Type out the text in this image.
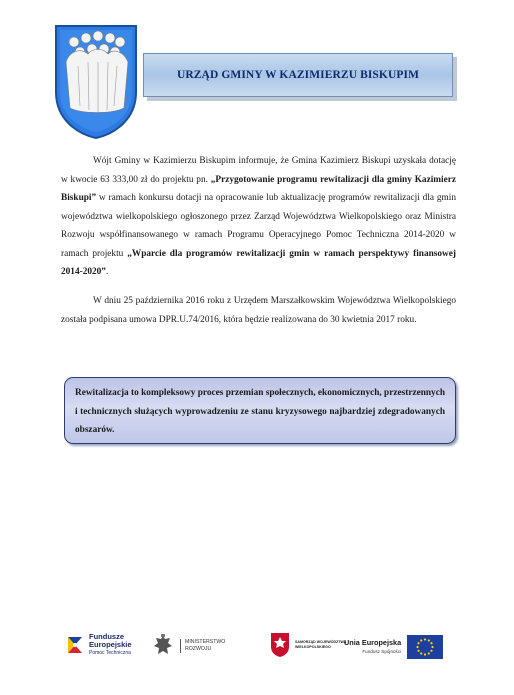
URZĄD GMINY W KAZIMIERZU BISKUPIM
Wójt Gminy w Kazimierzu Biskupim informuje, że Gmina Kazimierz Biskupi uzyskała dotację w kwocie 63 333,00 zł do projektu pn. „Przygotowanie programu rewitalizacji dla gminy Kazimierz Biskupi” w ramach konkursu dotacji na opracowanie lub aktualizację programów rewitalizacji dla gmin województwa wielkopolskiego ogłoszonego przez Zarząd Województwa Wielkopolskiego oraz Ministra Rozwoju współfinansowanego w ramach Programu Operacyjnego Pomoc Techniczna 2014-2020 w ramach projektu „Wparcie dla programów rewitalizacji gmin w ramach perspektywy finansowej 2014-2020”.
W dniu 25 października 2016 roku z Urzędem Marszałkowskim Województwa Wielkopolskiego została podpisana umowa DPR.U.74/2016, która będzie realizowana do 30 kwietnia 2017 roku.
Rewitalizacja to kompleksowy proces przemian społecznych, ekonomicznych, przestrzennych i technicznych służących wyprowadzeniu ze stanu kryzysowego najbardziej zdegradowanych obszarów.
Fundusze
Europejskie
Pomoc Techniczna
MINISTERSTWO
ROZWOJU
SAMORZĄD WOJEWÓDZTWA
WIELKOPOLSKIEGO	Unia Europejska
Fundusz Spójności
